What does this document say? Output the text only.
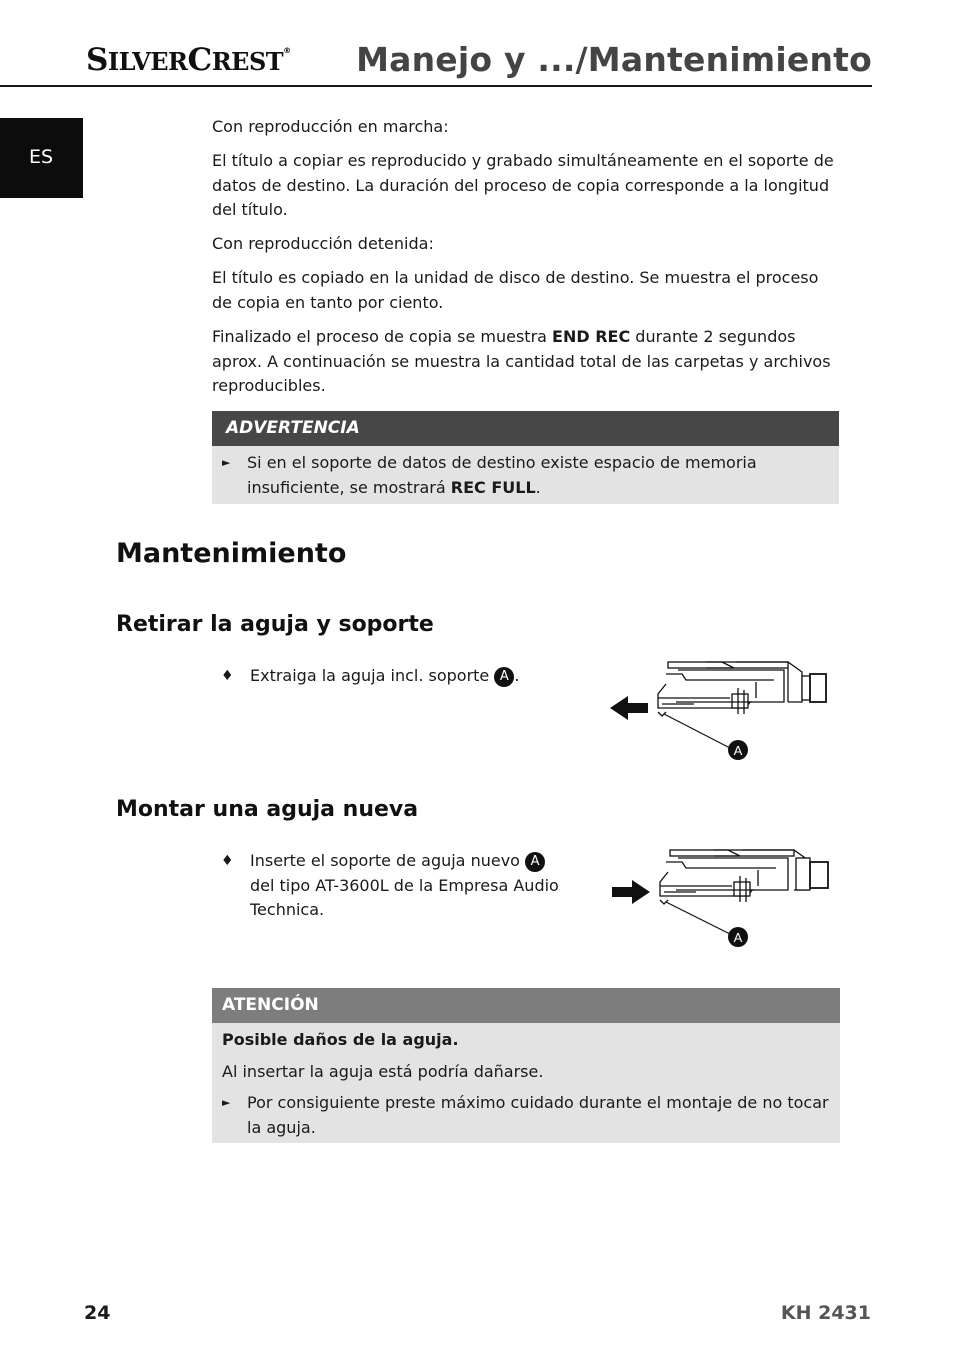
SILVERCREST® Manejo y .../Mantenimiento
ES

Con reproducción en marcha:

El título a copiar es reproducido y grabado simultáneamente en el soporte de datos de destino. La duración del proceso de copia corresponde a la longitud del título.

Con reproducción detenida:

El título es copiado en la unidad de disco de destino. Se muestra el proceso de copia en tanto por ciento.

Finalizado el proceso de copia se muestra END REC durante 2 segundos aprox. A continuación se muestra la cantidad total de las carpetas y archivos reproducibles.

ADVERTENCIA
► Si en el soporte de datos de destino existe espacio de memoria insuficiente, se mostrará REC FULL.
Mantenimiento
Retirar la aguja y soporte
♦ Extraiga la aguja incl. soporte A .
A
Montar una aguja nueva
♦ Inserte el soporte de aguja nuevo A del tipo AT-3600L de la Empresa Audio Technica.
A
ATENCIÓN
Posible daños de la aguja.
Al insertar la aguja está podría dañarse.
► Por consiguiente preste máximo cuidado durante el montaje de no tocar la aguja.
24	KH 2431
